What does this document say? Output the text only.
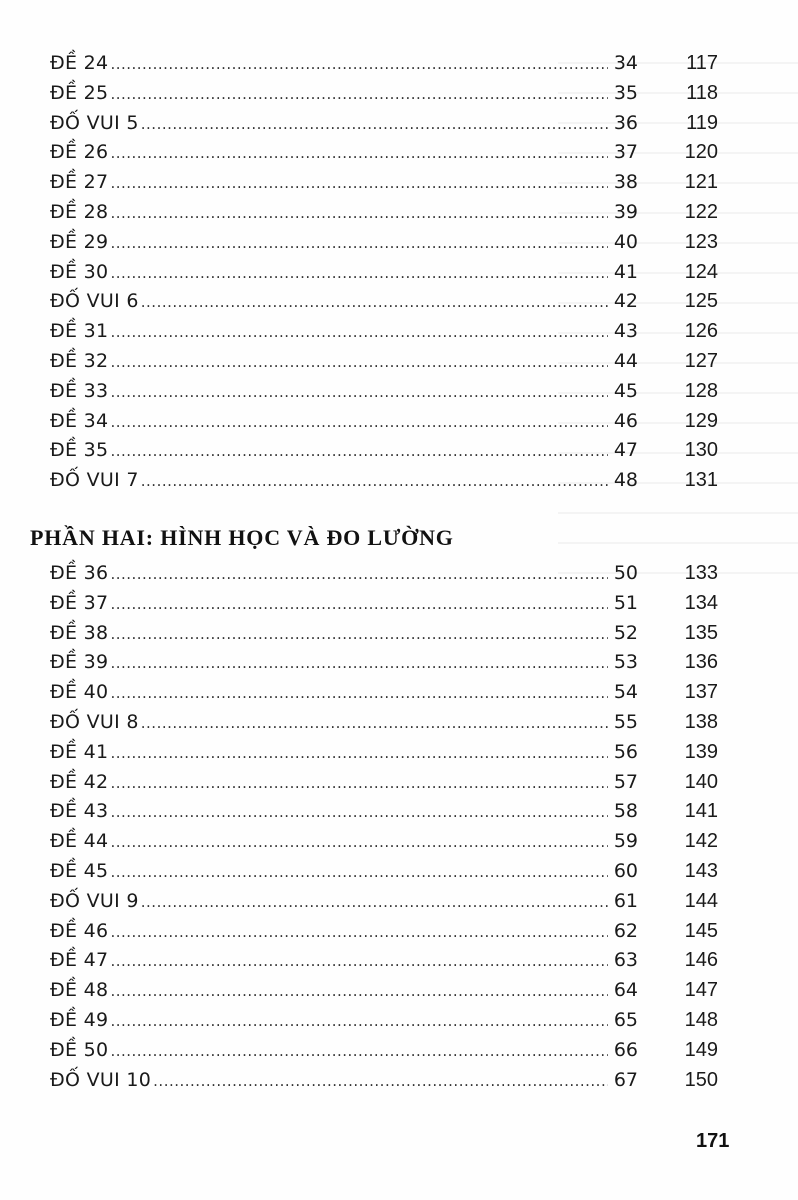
ĐỀ 24 .....	34	117
ĐỀ 25 .....	35	118
ĐỐ VUI 5 .....	36	119
ĐỀ 26 .....	37	120
ĐỀ 27 .....	38	121
ĐỀ 28 .....	39	122
ĐỀ 29 .....	40	123
ĐỀ 30 .....	41	124
ĐỐ VUI 6 .....	42	125
ĐỀ 31 .....	43	126
ĐỀ 32 .....	44	127
ĐỀ 33 .....	45	128
ĐỀ 34 .....	46	129
ĐỀ 35 .....	47	130
ĐỐ VUI 7 .....	48	131
PHẦN HAI: HÌNH HỌC VÀ ĐO LƯỜNG
ĐỀ 36 .....	50	133
ĐỀ 37 .....	51	134
ĐỀ 38 .....	52	135
ĐỀ 39 .....	53	136
ĐỀ 40 .....	54	137
ĐỐ VUI 8 .....	55	138
ĐỀ 41 .....	56	139
ĐỀ 42 .....	57	140
ĐỀ 43 .....	58	141
ĐỀ 44 .....	59	142
ĐỀ 45 .....	60	143
ĐỐ VUI 9 .....	61	144
ĐỀ 46 .....	62	145
ĐỀ 47 .....	63	146
ĐỀ 48 .....	64	147
ĐỀ 49 .....	65	148
ĐỀ 50 .....	66	149
ĐỐ VUI 10 .....	67	150
171
